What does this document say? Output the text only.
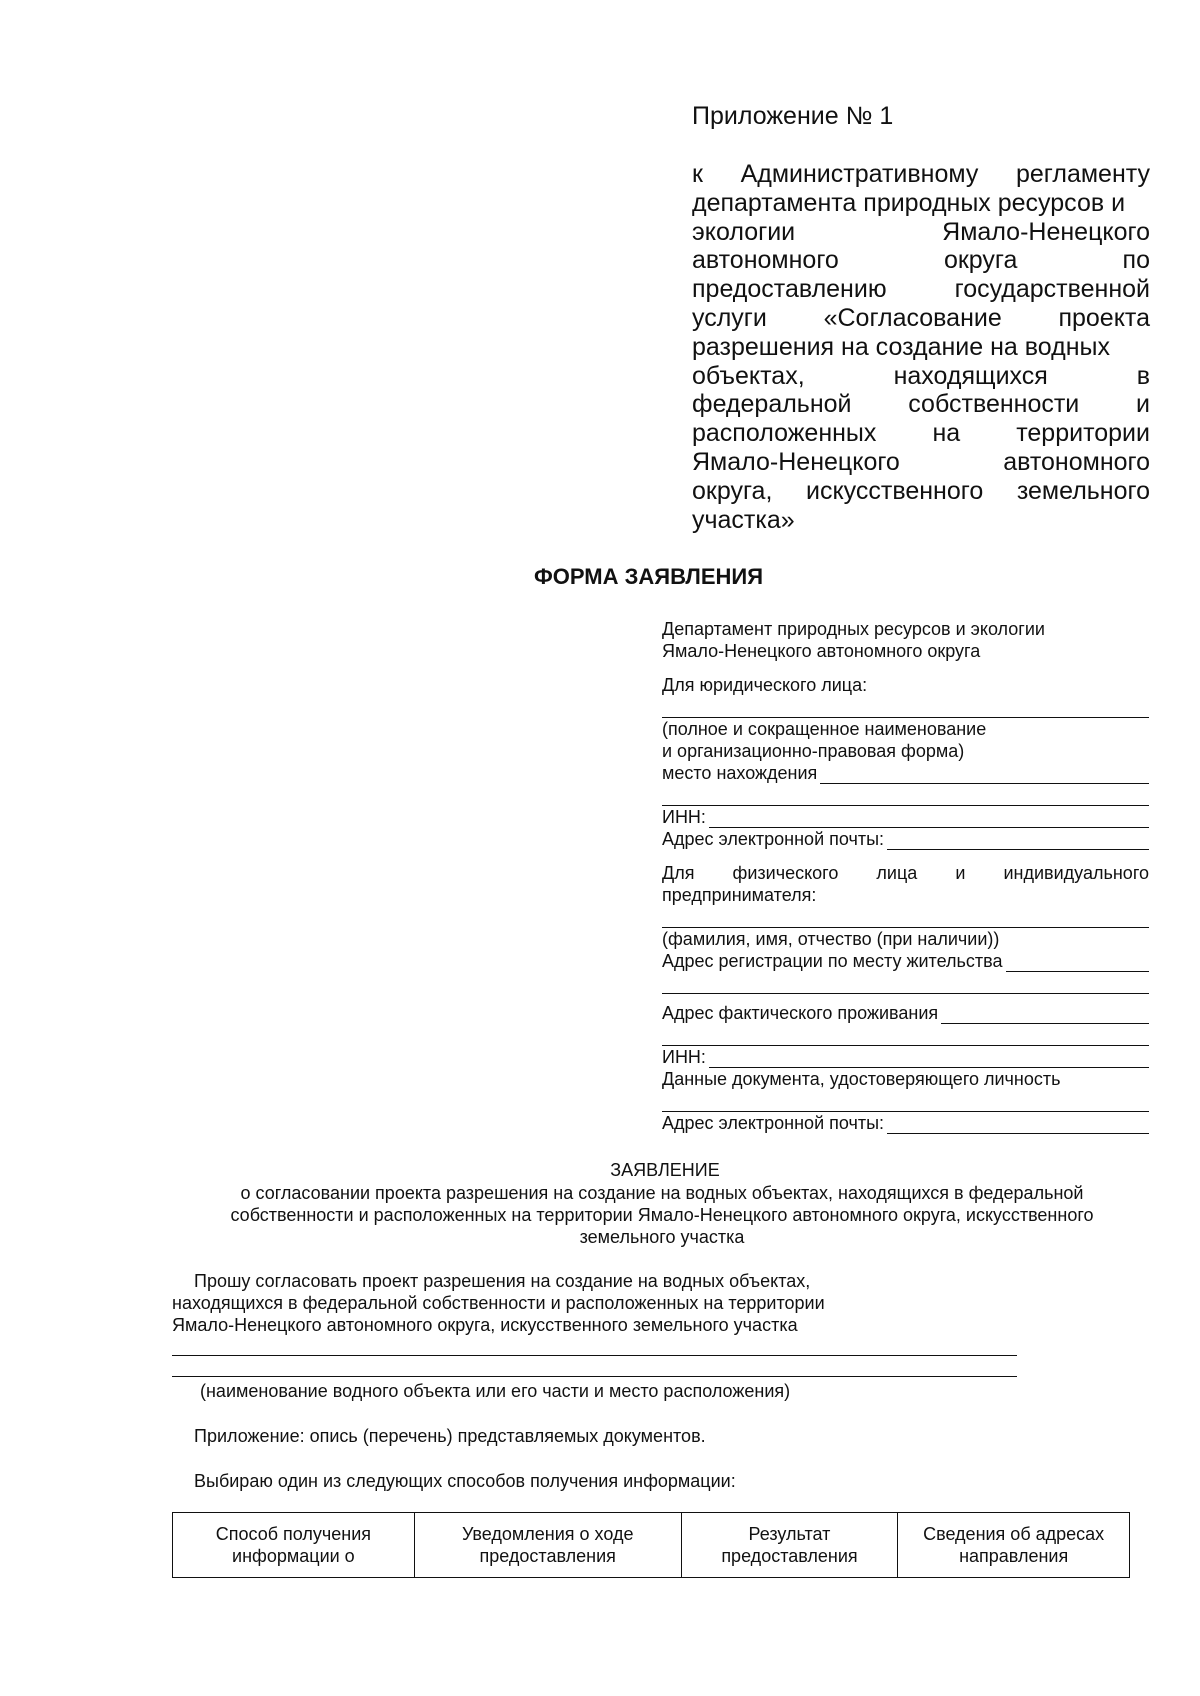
Приложение № 1
к Административному регламенту
департамента природных ресурсов и
экологии Ямало-Ненецкого
автономного округа по
предоставлению государственной
услуги «Согласование проекта
разрешения на создание на водных
объектах, находящихся в
федеральной собственности и
расположенных на территории
Ямало-Ненецкого автономного
округа, искусственного земельного
участка»
ФОРМА ЗАЯВЛЕНИЯ
Департамент природных ресурсов и экологии
Ямало-Ненецкого автономного округа
Для юридического лица:
(полное и сокращенное наименование
и организационно-правовая форма)
место нахождения
ИНН:
Адрес электронной почты:
Для физического лица и индивидуального
предпринимателя:
(фамилия, имя, отчество (при наличии))
Адрес регистрации по месту жительства
Адрес фактического проживания
ИНН:
Данные документа, удостоверяющего личность
Адрес электронной почты:
ЗАЯВЛЕНИЕ
о согласовании проекта разрешения на создание на водных объектах, находящихся в федеральной
собственности и расположенных на территории Ямало-Ненецкого автономного округа, искусственного
земельного участка
Прошу согласовать проект разрешения на создание на водных объектах,
находящихся в федеральной собственности и расположенных на территории
Ямало-Ненецкого автономного округа, искусственного земельного участка
(наименование водного объекта или его части и место расположения)
Приложение: опись (перечень) представляемых документов.
Выбираю один из следующих способов получения информации:
Способ получения
информации о

Уведомления о ходе
предоставления

Результат
предоставления

Сведения об адресах
направления
